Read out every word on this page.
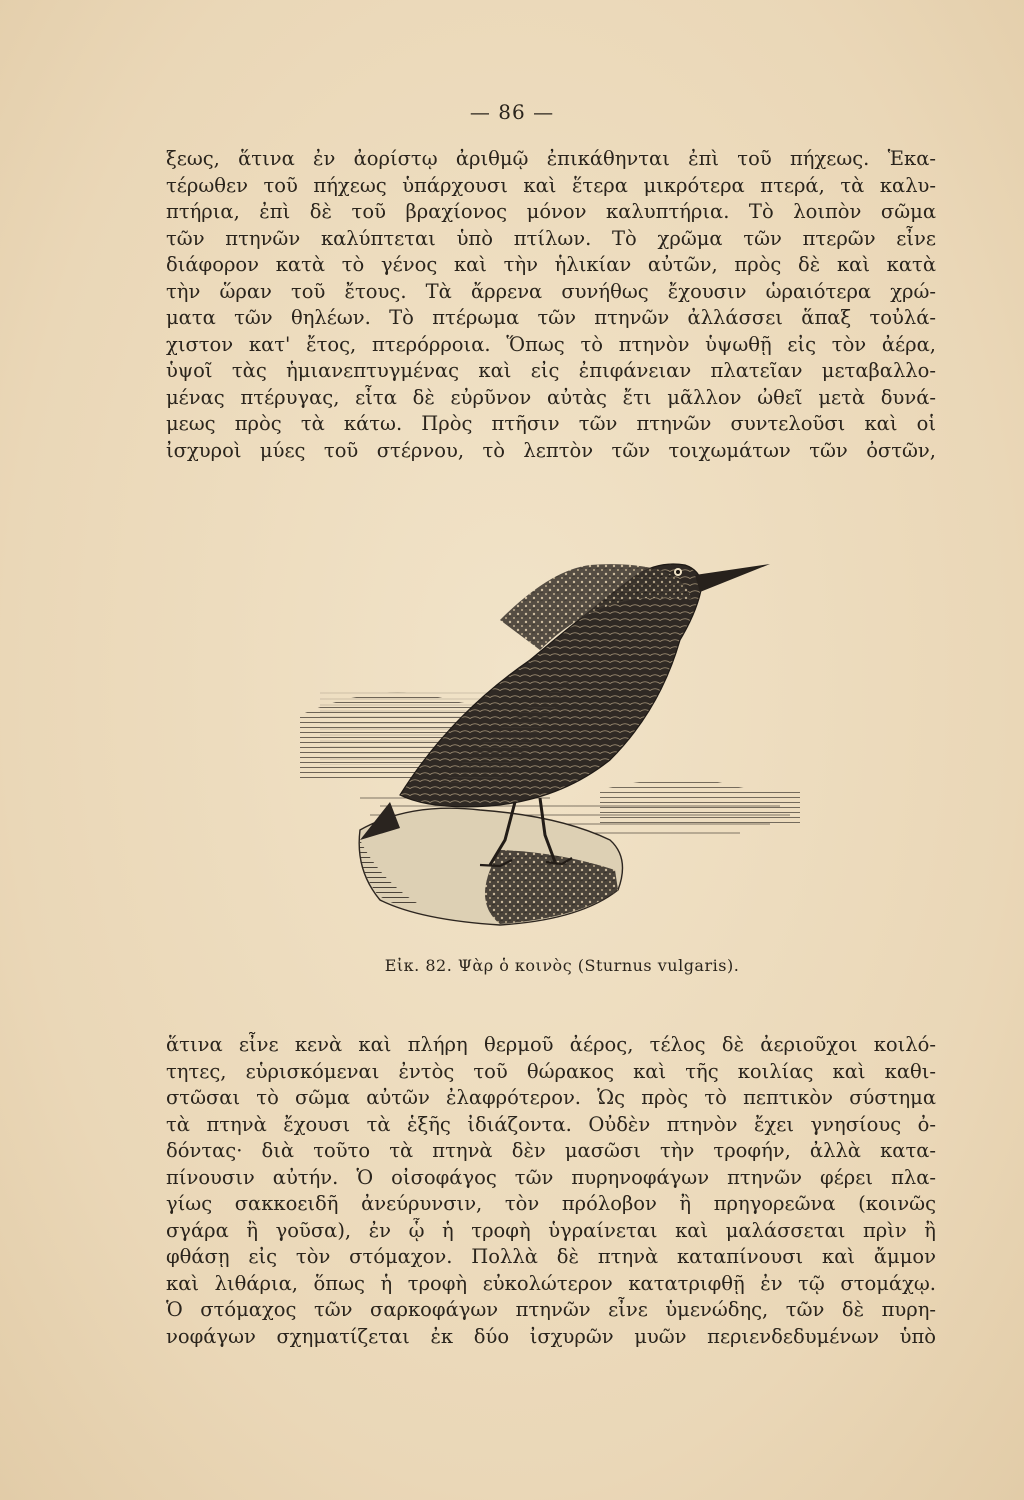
— 86 —
ξεως, ἅτινα ἐν ἀορίστῳ ἀριθμῷ ἐπικάθηνται ἐπὶ τοῦ πήχεως. Ἑκα-
τέρωθεν τοῦ πήχεως ὑπάρχουσι καὶ ἕτερα μικρότερα πτερά, τὰ καλυ-
πτήρια, ἐπὶ δὲ τοῦ βραχίονος μόνον καλυπτήρια. Τὸ λοιπὸν σῶμα
τῶν πτηνῶν καλύπτεται ὑπὸ πτίλων. Τὸ χρῶμα τῶν πτερῶν εἶνε
διάφορον κατὰ τὸ γένος καὶ τὴν ἡλικίαν αὐτῶν, πρὸς δὲ καὶ κατὰ
τὴν ὥραν τοῦ ἔτους. Τὰ ἄρρενα συνήθως ἔχουσιν ὡραιότερα χρώ-
ματα τῶν θηλέων. Τὸ πτέρωμα τῶν πτηνῶν ἀλλάσσει ἅπαξ τοὐλά-
χιστον κατ' ἔτος, πτερόρροια. Ὅπως τὸ πτηνὸν ὑψωθῇ εἰς τὸν ἀέρα,
ὑψοῖ τὰς ἡμιανεπτυγμένας καὶ εἰς ἐπιφάνειαν πλατεῖαν μεταβαλλο-
μένας πτέρυγας, εἶτα δὲ εὐρῦνον αὐτὰς ἔτι μᾶλλον ὠθεῖ μετὰ δυνά-
μεως πρὸς τὰ κάτω. Πρὸς πτῆσιν τῶν πτηνῶν συντελοῦσι καὶ οἱ
ἰσχυροὶ μύες τοῦ στέρνου, τὸ λεπτὸν τῶν τοιχωμάτων τῶν ὀστῶν,
Εἰκ. 82. Ψὰρ ὁ κοινὸς (Sturnus vulgaris).
ἅτινα εἶνε κενὰ καὶ πλήρη θερμοῦ ἀέρος, τέλος δὲ ἀεριοῦχοι κοιλό-
τητες, εὑρισκόμεναι ἐντὸς τοῦ θώρακος καὶ τῆς κοιλίας καὶ καθι-
στῶσαι τὸ σῶμα αὐτῶν ἐλαφρότερον. Ὡς πρὸς τὸ πεπτικὸν σύστημα
τὰ πτηνὰ ἔχουσι τὰ ἑξῆς ἰδιάζοντα. Οὐδὲν πτηνὸν ἔχει γνησίους ὀ-
δόντας· διὰ τοῦτο τὰ πτηνὰ δὲν μασῶσι τὴν τροφήν, ἀλλὰ κατα-
πίνουσιν αὐτήν. Ὁ οἰσοφάγος τῶν πυρηνοφάγων πτηνῶν φέρει πλα-
γίως σακκοειδῆ ἀνεύρυνσιν, τὸν πρόλοβον ἢ πρηγορεῶνα (κοινῶς
σγάρα ἢ γοῦσα), ἐν ᾧ ἡ τροφὴ ὑγραίνεται καὶ μαλάσσεται πρὶν ἢ
φθάσῃ εἰς τὸν στόμαχον. Πολλὰ δὲ πτηνὰ καταπίνουσι καὶ ἄμμον
καὶ λιθάρια, ὅπως ἡ τροφὴ εὐκολώτερον κατατριφθῇ ἐν τῷ στομάχῳ.
Ὁ στόμαχος τῶν σαρκοφάγων πτηνῶν εἶνε ὑμενώδης, τῶν δὲ πυρη-
νοφάγων σχηματίζεται ἐκ δύο ἰσχυρῶν μυῶν περιενδεδυμένων ὑπὸ
